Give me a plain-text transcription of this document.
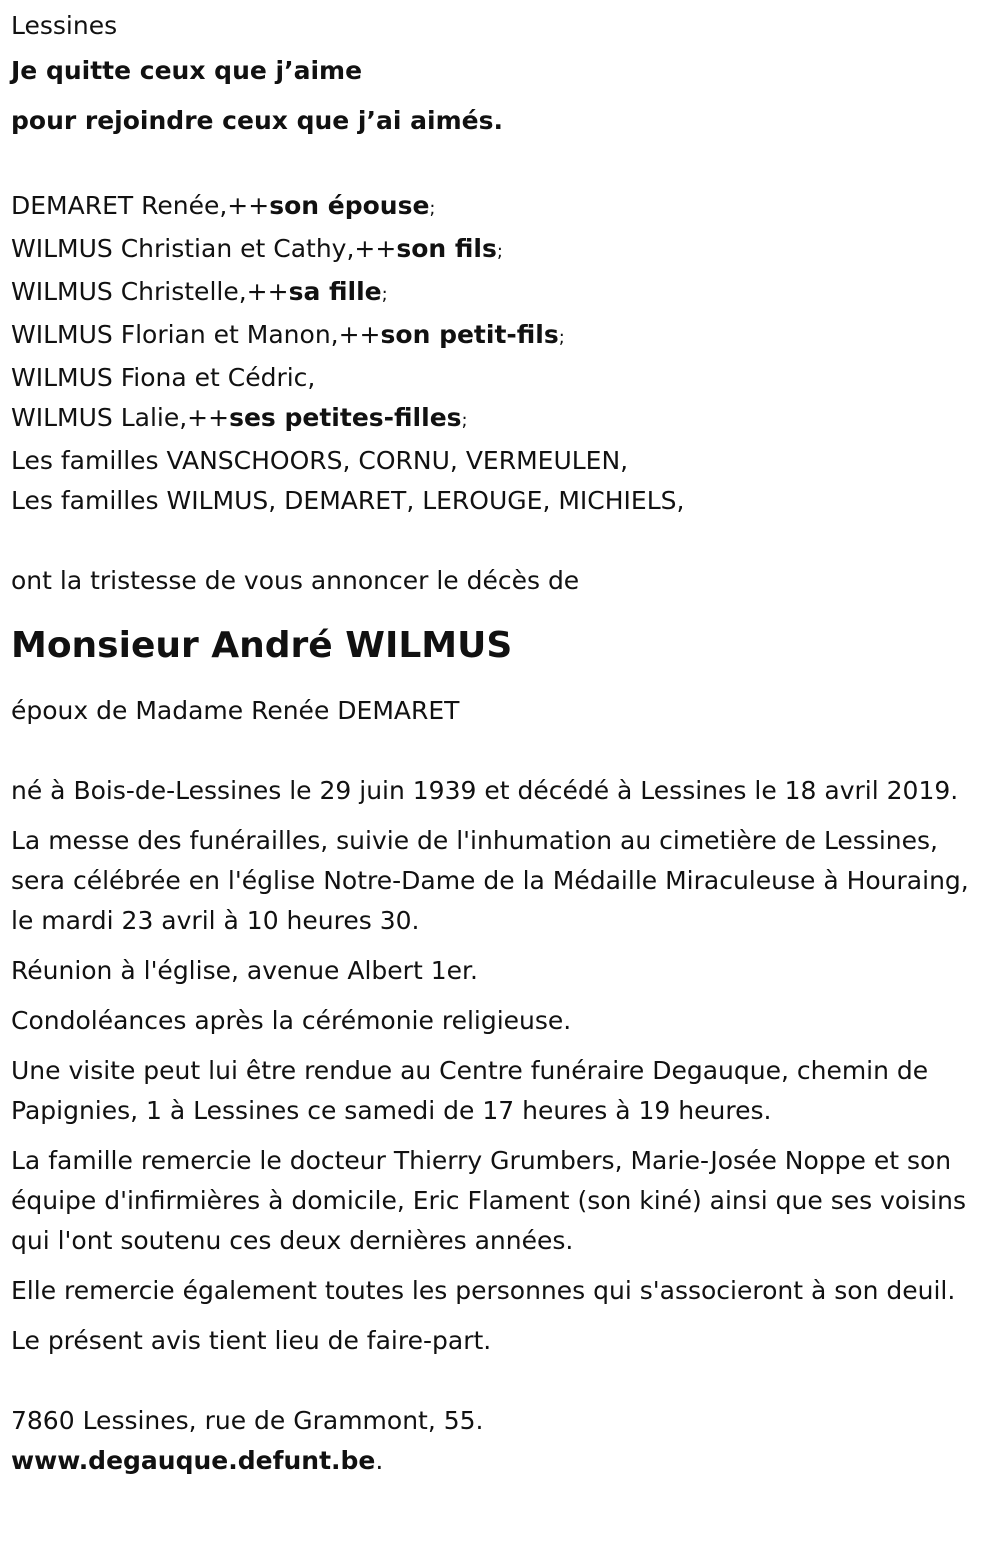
Lessines
Je quitte ceux que j’aime
pour rejoindre ceux que j’ai aimés.
DEMARET Renée,++son épouse;
WILMUS Christian et Cathy,++son fils;
WILMUS Christelle,++sa fille;
WILMUS Florian et Manon,++son petit-fils;
WILMUS Fiona et Cédric,
WILMUS Lalie,++ses petites-filles;
Les familles VANSCHOORS, CORNU, VERMEULEN,
Les familles WILMUS, DEMARET, LEROUGE, MICHIELS,
ont la tristesse de vous annoncer le décès de
Monsieur André WILMUS
époux de Madame Renée DEMARET

né à Bois-de-Lessines le 29 juin 1939 et décédé à Lessines le 18 avril 2019.

La messe des funérailles, suivie de l'inhumation au cimetière de Lessines, sera célébrée en l'église Notre-Dame de la Médaille Miraculeuse à Houraing, le mardi 23 avril à 10 heures 30.

Réunion à l'église, avenue Albert 1er.

Condoléances après la cérémonie religieuse.

Une visite peut lui être rendue au Centre funéraire Degauque, chemin de Papignies, 1 à Lessines ce samedi de 17 heures à 19 heures.

La famille remercie le docteur Thierry Grumbers, Marie-Josée Noppe et son équipe d'infirmières à domicile, Eric Flament (son kiné) ainsi que ses voisins qui l'ont soutenu ces deux dernières années.

Elle remercie également toutes les personnes qui s'associeront à son deuil.

Le présent avis tient lieu de faire-part.

7860 Lessines, rue de Grammont, 55.
www.degauque.defunt.be.
